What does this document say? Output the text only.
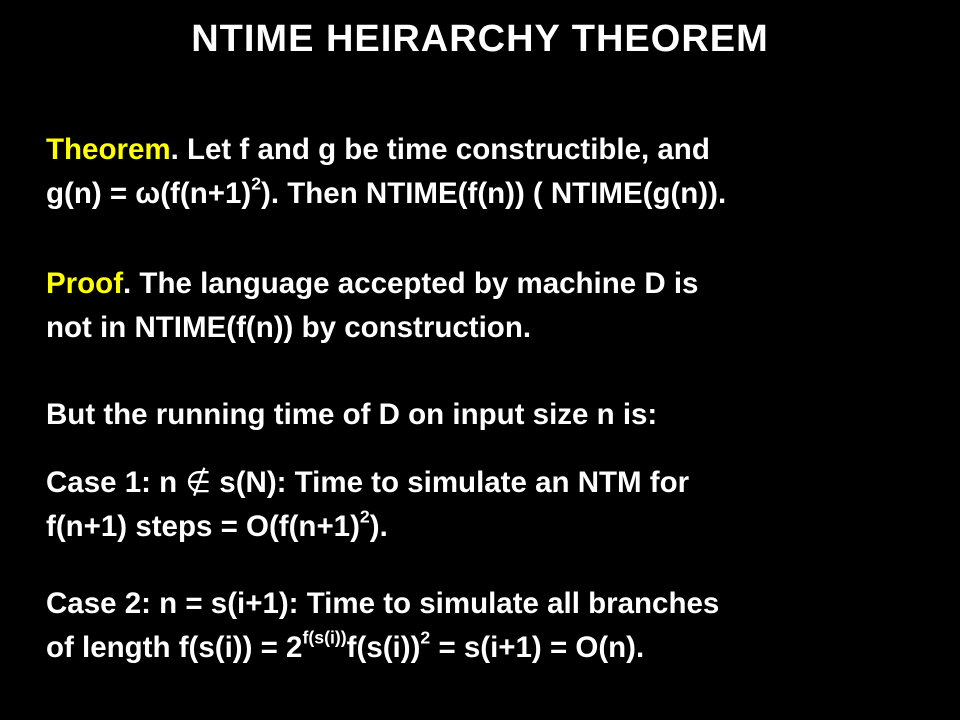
NTIME HEIRARCHY THEOREM
Theorem. Let f and g be time constructible, and
$g(n) = \omega(f(n+1)^2)$. Then NTIME(f(n)) ( NTIME(g(n)).
Proof. The language accepted by machine D is
not in NTIME(f(n)) by construction.
But the running time of D on input size n is:
Case 1: n ∉ s(N): Time to simulate an NTM for
f(n+1) steps = $O(f(n+1)^2)$.
Case 2: n = s(i+1): Time to simulate all branches
of length $f(s(i)) = 2^{f(s(i))}f(s(i))^2 = s(i+1) = O(n)$.
